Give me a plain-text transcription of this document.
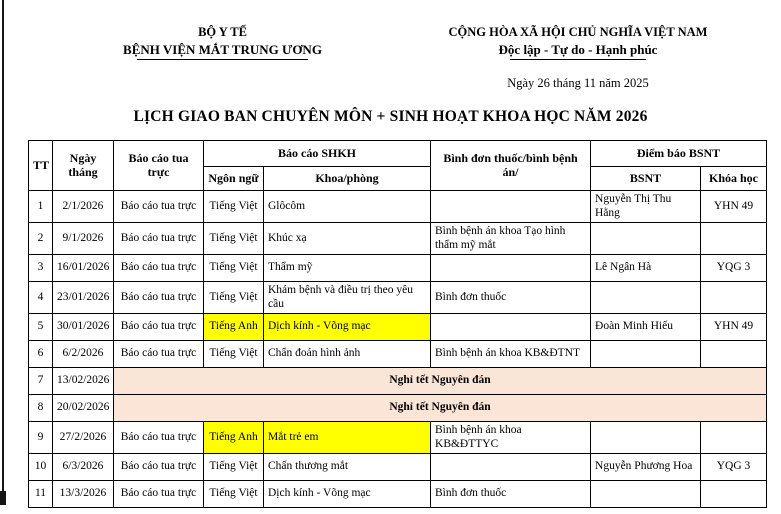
BỘ Y TẾ
BỆNH VIỆN MẮT TRUNG ƯƠNG
CỘNG HÒA XÃ HỘI CHỦ NGHĨA VIỆT NAM
Độc lập - Tự do - Hạnh phúc
Ngày 26 tháng 11 năm 2025
LỊCH GIAO BAN CHUYÊN MÔN + SINH HOẠT KHOA HỌC NĂM 2026
TT	Ngày tháng	Báo cáo tua trực	Báo cáo SHKH		Bình đơn thuốc/bình bệnh án/	Điểm báo BSNT	
			Ngôn ngữ	Khoa/phòng		BSNT	Khóa học
1	2/1/2026	Báo cáo tua trực	Tiếng Việt	Glôcôm		Nguyễn Thị Thu Hằng	YHN 49
2	9/1/2026	Báo cáo tua trực	Tiếng Việt	Khúc xạ	Bình bệnh án khoa Tạo hình thẩm mỹ mắt		
3	16/01/2026	Báo cáo tua trực	Tiếng Việt	Thẩm mỹ		Lê Ngân Hà	YQG 3
4	23/01/2026	Báo cáo tua trực	Tiếng Việt	Khám bệnh và điều trị theo yêu cầu	Bình đơn thuốc		
5	30/01/2026	Báo cáo tua trực	Tiếng Anh	Dịch kính - Võng mạc		Đoàn Minh Hiếu	YHN 49
6	6/2/2026	Báo cáo tua trực	Tiếng Việt	Chẩn đoán hình ảnh	Bình bệnh án khoa KB&ĐTNT		
7	13/02/2026	Nghỉ tết Nguyên đán					
8	20/02/2026	Nghỉ tết Nguyên đán					
9	27/2/2026	Báo cáo tua trực	Tiếng Anh	Mắt trẻ em	Bình bệnh án khoa KB&ĐTTYC		
10	6/3/2026	Báo cáo tua trực	Tiếng Việt	Chấn thương mắt		Nguyễn Phương Hoa	YQG 3
11	13/3/2026	Báo cáo tua trực	Tiếng Việt	Dịch kính - Võng mạc	Bình đơn thuốc		
